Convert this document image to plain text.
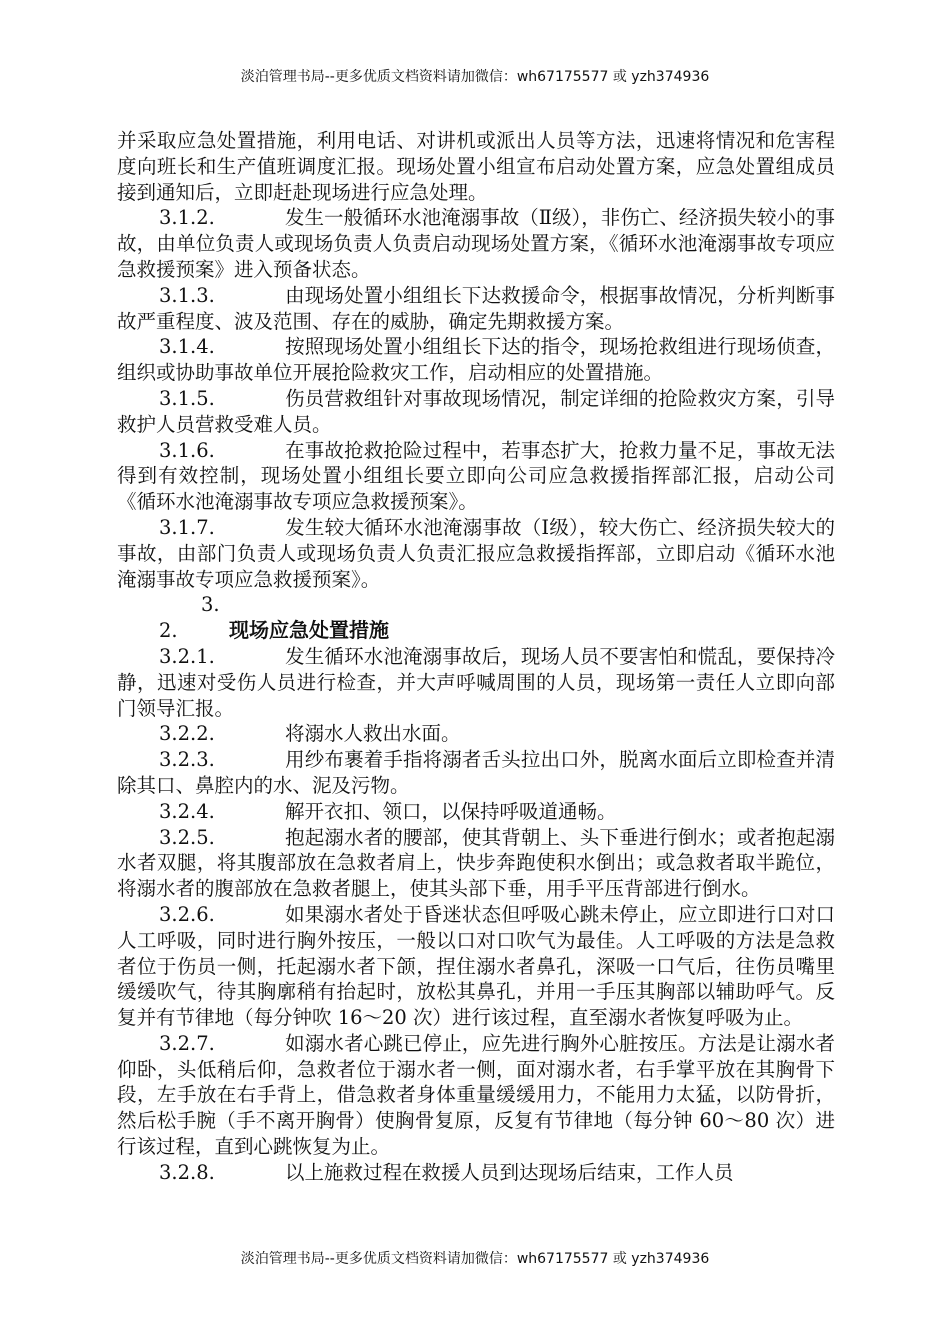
淡泊管理书局--更多优质文档资料请加微信：wh67175577 或 yzh374936

并采取应急处置措施，利用电话、对讲机或派出人员等方法，迅速将情况和危害程度向班长和生产值班调度汇报。现场处置小组宣布启动处置方案，应急处置组成员接到通知后，立即赶赴现场进行应急处理。

3.1.2.	发生一般循环水池淹溺事故（Ⅱ级），非伤亡、经济损失较小的事故，由单位负责人或现场负责人负责启动现场处置方案，《循环水池淹溺事故专项应急救援预案》进入预备状态。

3.1.3.	由现场处置小组组长下达救援命令，根据事故情况，分析判断事故严重程度、波及范围、存在的威胁，确定先期救援方案。

3.1.4.	按照现场处置小组组长下达的指令，现场抢救组进行现场侦查，组织或协助事故单位开展抢险救灾工作，启动相应的处置措施。

3.1.5.	伤员营救组针对事故现场情况，制定详细的抢险救灾方案，引导救护人员营救受难人员。

3.1.6.	在事故抢救抢险过程中，若事态扩大，抢救力量不足，事故无法得到有效控制，现场处置小组组长要立即向公司应急救援指挥部汇报，启动公司《循环水池淹溺事故专项应急救援预案》。

3.1.7.	发生较大循环水池淹溺事故（Ⅰ级），较大伤亡、经济损失较大的事故，由部门负责人或现场负责人负责汇报应急救援指挥部，立即启动《循环水池淹溺事故专项应急救援预案》。

3.2.	现场应急处置措施

3.2.1.	发生循环水池淹溺事故后，现场人员不要害怕和慌乱，要保持冷静，迅速对受伤人员进行检查，并大声呼喊周围的人员，现场第一责任人立即向部门领导汇报。

3.2.2.	将溺水人救出水面。

3.2.3.	用纱布裹着手指将溺者舌头拉出口外，脱离水面后立即检查并清除其口、鼻腔内的水、泥及污物。

3.2.4.	解开衣扣、领口，以保持呼吸道通畅。

3.2.5.	抱起溺水者的腰部，使其背朝上、头下垂进行倒水；或者抱起溺水者双腿，将其腹部放在急救者肩上，快步奔跑使积水倒出；或急救者取半跪位，将溺水者的腹部放在急救者腿上，使其头部下垂，用手平压背部进行倒水。

3.2.6.	如果溺水者处于昏迷状态但呼吸心跳未停止，应立即进行口对口人工呼吸，同时进行胸外按压，一般以口对口吹气为最佳。人工呼吸的方法是急救者位于伤员一侧，托起溺水者下颌，捏住溺水者鼻孔，深吸一口气后，往伤员嘴里缓缓吹气，待其胸廓稍有抬起时，放松其鼻孔，并用一手压其胸部以辅助呼气。反复并有节律地（每分钟吹 16～20 次）进行该过程，直至溺水者恢复呼吸为止。

3.2.7.	如溺水者心跳已停止，应先进行胸外心脏按压。方法是让溺水者仰卧，头低稍后仰，急救者位于溺水者一侧，面对溺水者，右手掌平放在其胸骨下段，左手放在右手背上，借急救者身体重量缓缓用力，不能用力太猛，以防骨折，然后松手腕（手不离开胸骨）使胸骨复原，反复有节律地（每分钟 60～80 次）进行该过程，直到心跳恢复为止。

3.2.8.	以上施救过程在救援人员到达现场后结束，工作人员

淡泊管理书局--更多优质文档资料请加微信：wh67175577 或 yzh374936
